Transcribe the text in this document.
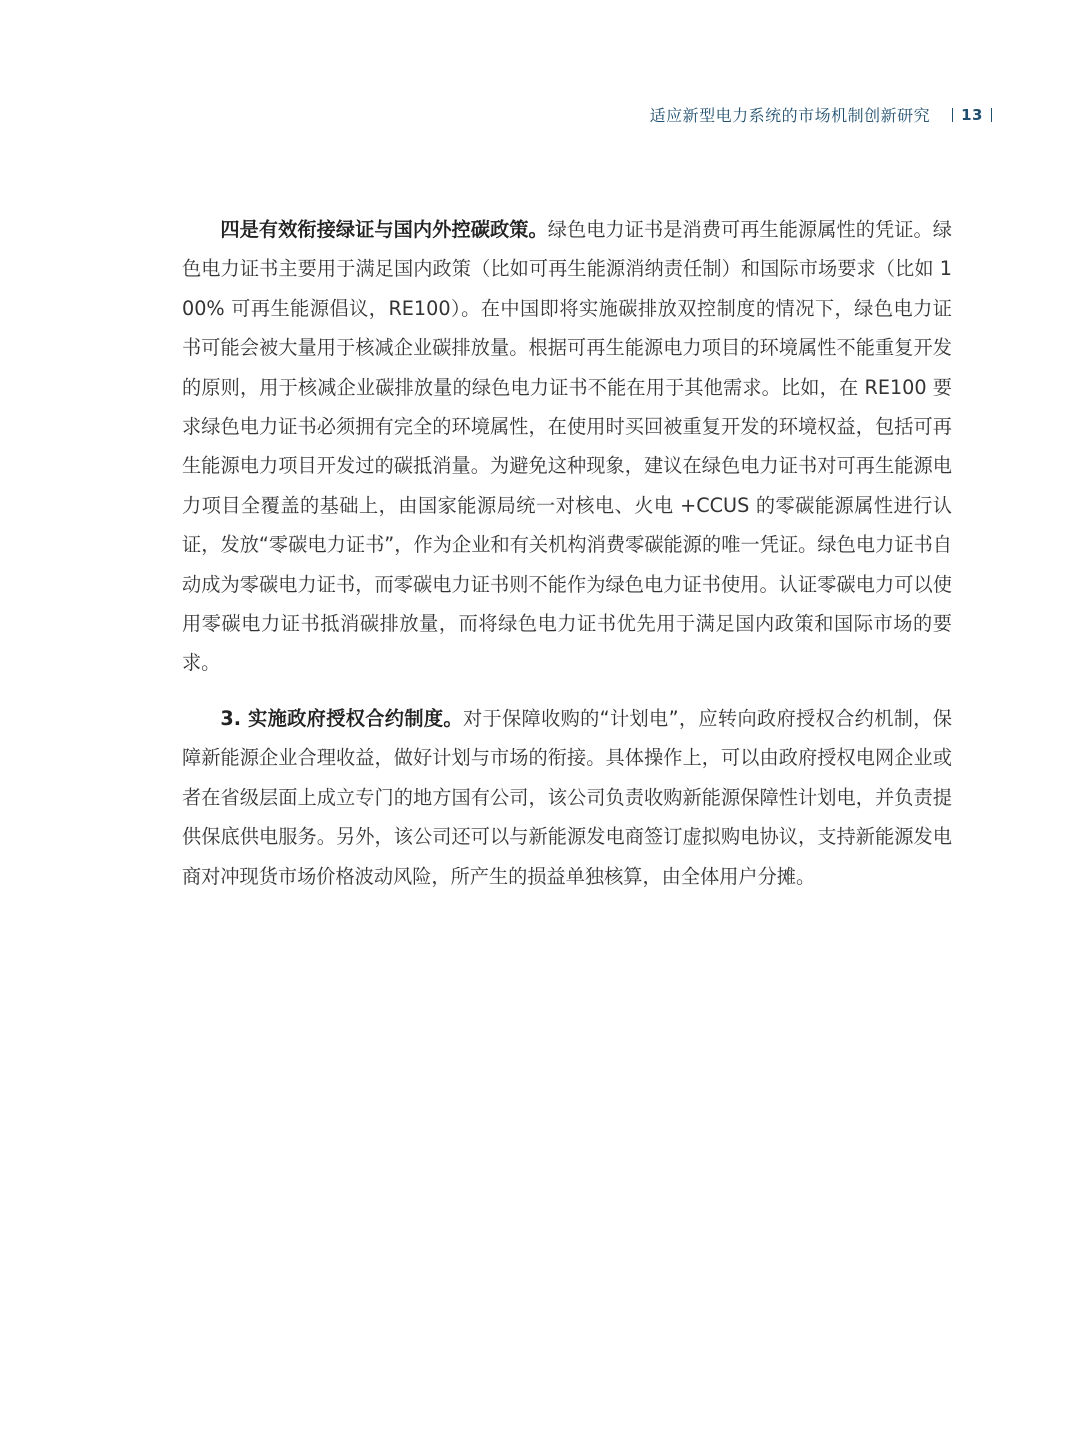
适应新型电力系统的市场机制创新研究 13

四是有效衔接绿证与国内外控碳政策。绿色电力证书是消费可再生能源属性的凭证。绿色电力证书主要用于满足国内政策（比如可再生能源消纳责任制）和国际市场要求（比如 100% 可再生能源倡议，RE100）。在中国即将实施碳排放双控制度的情况下，绿色电力证书可能会被大量用于核减企业碳排放量。根据可再生能源电力项目的环境属性不能重复开发的原则，用于核减企业碳排放量的绿色电力证书不能在用于其他需求。比如，在 RE100 要求绿色电力证书必须拥有完全的环境属性，在使用时买回被重复开发的环境权益，包括可再生能源电力项目开发过的碳抵消量。为避免这种现象，建议在绿色电力证书对可再生能源电力项目全覆盖的基础上，由国家能源局统一对核电、火电 +CCUS 的零碳能源属性进行认证，发放“零碳电力证书”，作为企业和有关机构消费零碳能源的唯一凭证。绿色电力证书自动成为零碳电力证书，而零碳电力证书则不能作为绿色电力证书使用。认证零碳电力可以使用零碳电力证书抵消碳排放量，而将绿色电力证书优先用于满足国内政策和国际市场的要求。

3. 实施政府授权合约制度。对于保障收购的“计划电”，应转向政府授权合约机制，保障新能源企业合理收益，做好计划与市场的衔接。具体操作上，可以由政府授权电网企业或者在省级层面上成立专门的地方国有公司，该公司负责收购新能源保障性计划电，并负责提供保底供电服务。另外，该公司还可以与新能源发电商签订虚拟购电协议，支持新能源发电商对冲现货市场价格波动风险，所产生的损益单独核算，由全体用户分摊。
